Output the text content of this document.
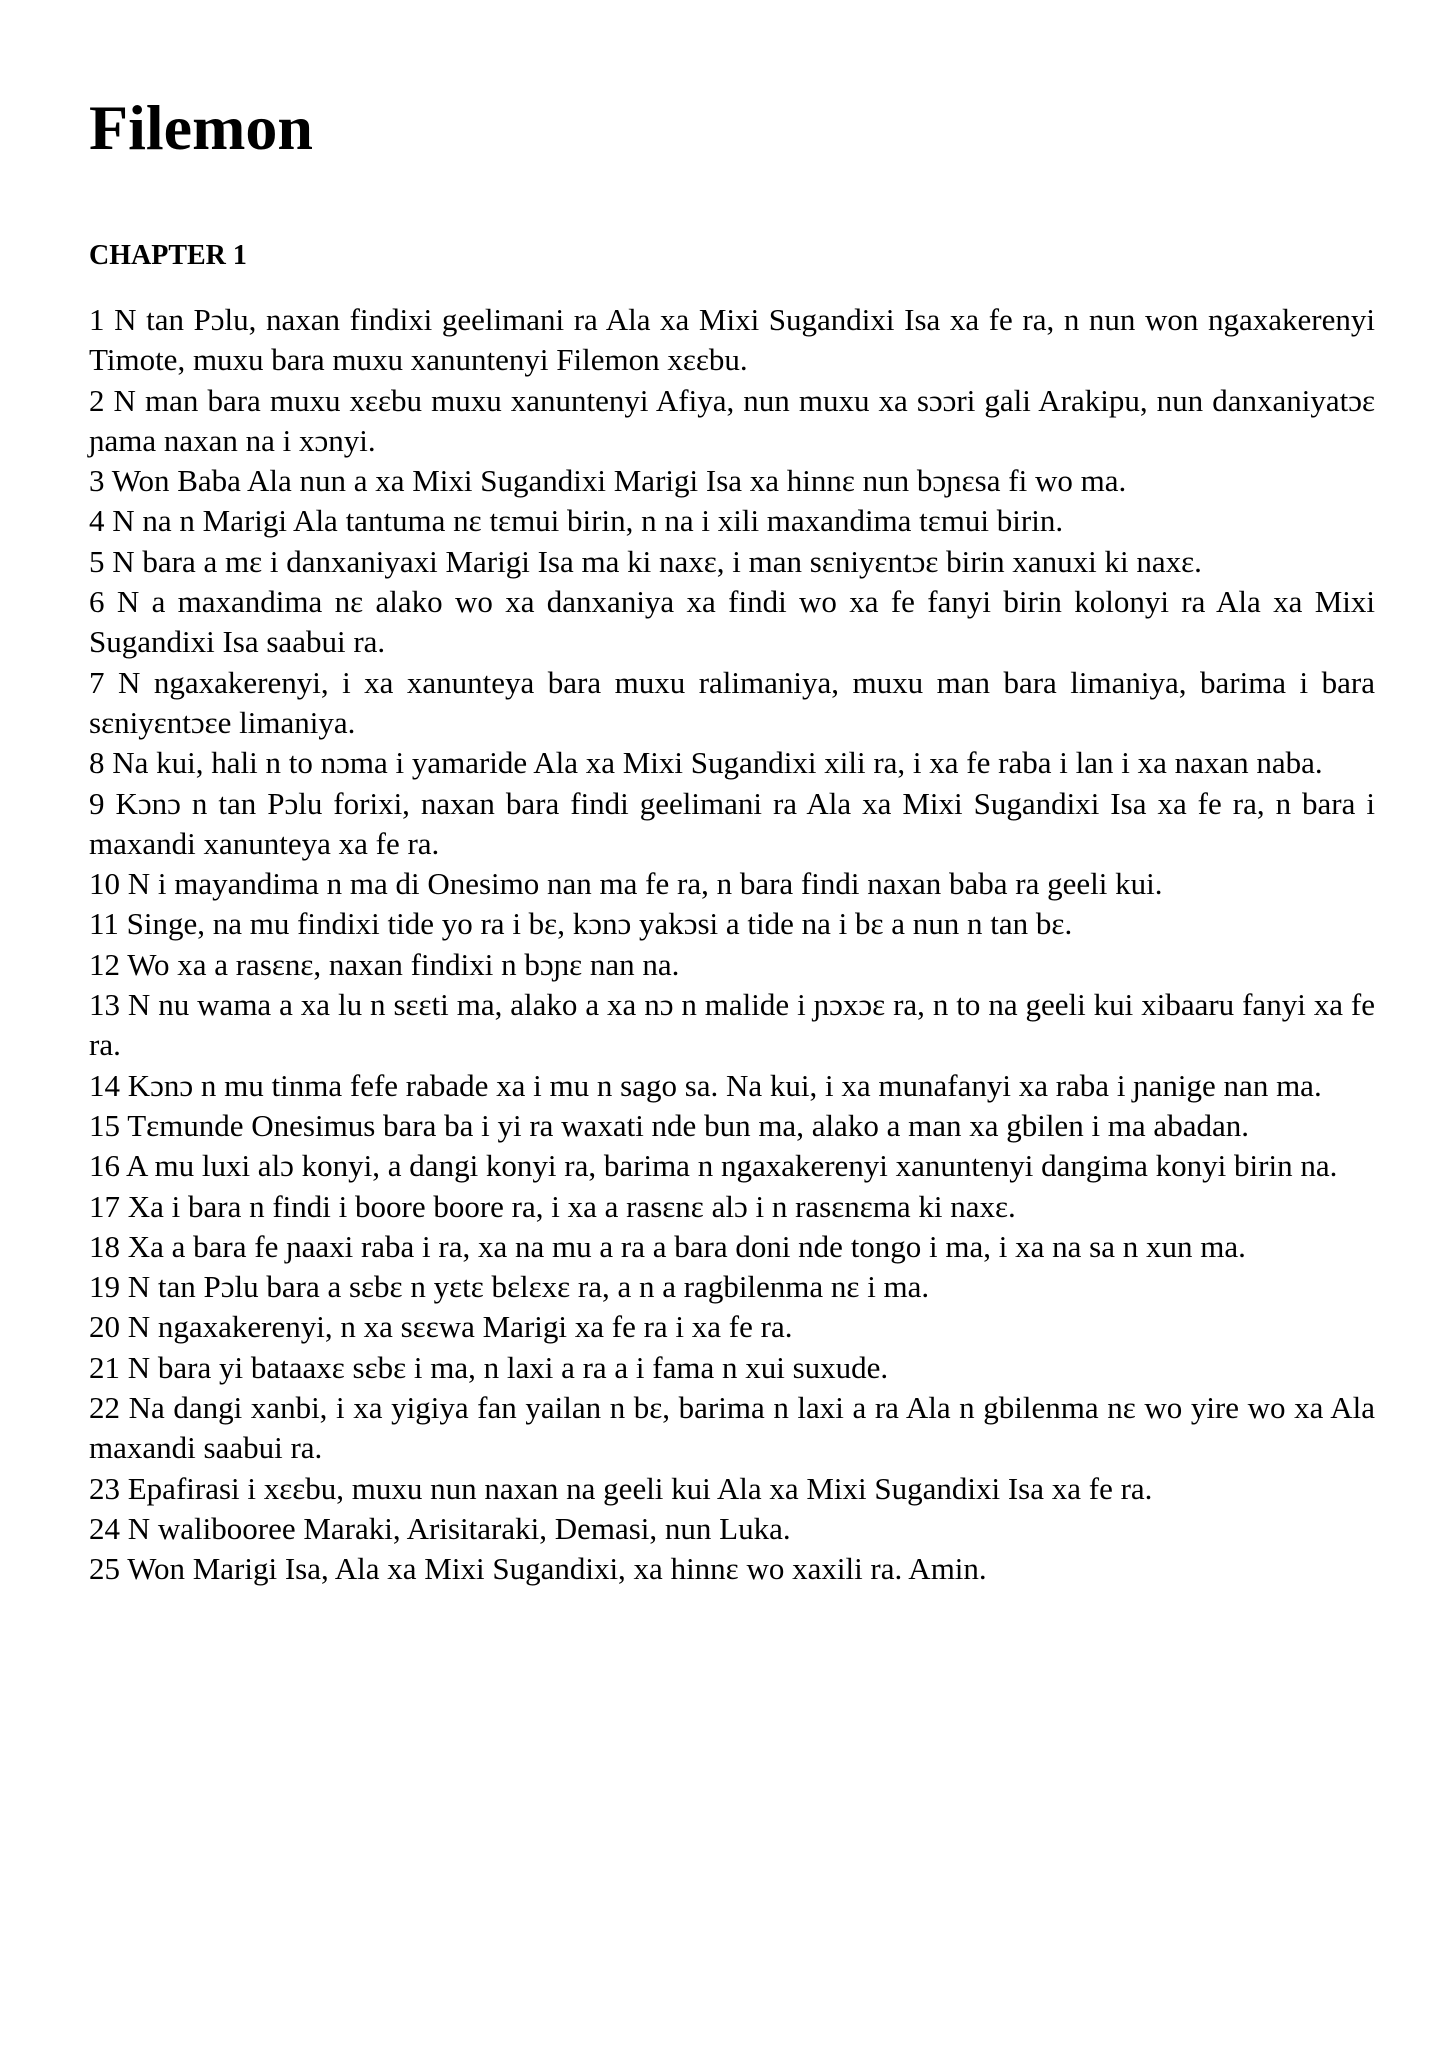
Filemon
CHAPTER 1

1 N tan Pɔlu, naxan findixi geelimani ra Ala xa Mixi Sugandixi Isa xa fe ra, n nun won ngaxakerenyi Timote, muxu bara muxu xanuntenyi Filemon xɛɛbu.

2 N man bara muxu xɛɛbu muxu xanuntenyi Afiya, nun muxu xa sɔɔri gali Arakipu, nun danxaniyatɔɛ ɲama naxan na i xɔnyi.

3 Won Baba Ala nun a xa Mixi Sugandixi Marigi Isa xa hinnɛ nun bɔɲɛsa fi wo ma.

4 N na n Marigi Ala tantuma nɛ tɛmui birin, n na i xili maxandima tɛmui birin.

5 N bara a mɛ i danxaniyaxi Marigi Isa ma ki naxɛ, i man sɛniyɛntɔɛ birin xanuxi ki naxɛ.

6 N a maxandima nɛ alako wo xa danxaniya xa findi wo xa fe fanyi birin kolonyi ra Ala xa Mixi Sugandixi Isa saabui ra.

7 N ngaxakerenyi, i xa xanunteya bara muxu ralimaniya, muxu man bara limaniya, barima i bara sɛniyɛntɔɛe limaniya.

8 Na kui, hali n to nɔma i yamaride Ala xa Mixi Sugandixi xili ra, i xa fe raba i lan i xa naxan naba.

9 Kɔnɔ n tan Pɔlu forixi, naxan bara findi geelimani ra Ala xa Mixi Sugandixi Isa xa fe ra, n bara i maxandi xanunteya xa fe ra.

10 N i mayandima n ma di Onesimo nan ma fe ra, n bara findi naxan baba ra geeli kui.

11 Singe, na mu findixi tide yo ra i bɛ, kɔnɔ yakɔsi a tide na i bɛ a nun n tan bɛ.

12 Wo xa a rasɛnɛ, naxan findixi n bɔɲɛ nan na.

13 N nu wama a xa lu n sɛɛti ma, alako a xa nɔ n malide i ɲɔxɔɛ ra, n to na geeli kui xibaaru fanyi xa fe ra.

14 Kɔnɔ n mu tinma fefe rabade xa i mu n sago sa. Na kui, i xa munafanyi xa raba i ɲanige nan ma.

15 Tɛmunde Onesimus bara ba i yi ra waxati nde bun ma, alako a man xa gbilen i ma abadan.

16 A mu luxi alɔ konyi, a dangi konyi ra, barima n ngaxakerenyi xanuntenyi dangima konyi birin na.

17 Xa i bara n findi i boore boore ra, i xa a rasɛnɛ alɔ i n rasɛnɛma ki naxɛ.

18 Xa a bara fe ɲaaxi raba i ra, xa na mu a ra a bara doni nde tongo i ma, i xa na sa n xun ma.

19 N tan Pɔlu bara a sɛbɛ n yɛtɛ bɛlɛxɛ ra, a n a ragbilenma nɛ i ma.

20 N ngaxakerenyi, n xa sɛɛwa Marigi xa fe ra i xa fe ra.

21 N bara yi bataaxɛ sɛbɛ i ma, n laxi a ra a i fama n xui suxude.

22 Na dangi xanbi, i xa yigiya fan yailan n bɛ, barima n laxi a ra Ala n gbilenma nɛ wo yire wo xa Ala maxandi saabui ra.

23 Epafirasi i xɛɛbu, muxu nun naxan na geeli kui Ala xa Mixi Sugandixi Isa xa fe ra.

24 N walibooree Maraki, Arisitaraki, Demasi, nun Luka.

25 Won Marigi Isa, Ala xa Mixi Sugandixi, xa hinnɛ wo xaxili ra. Amin.
